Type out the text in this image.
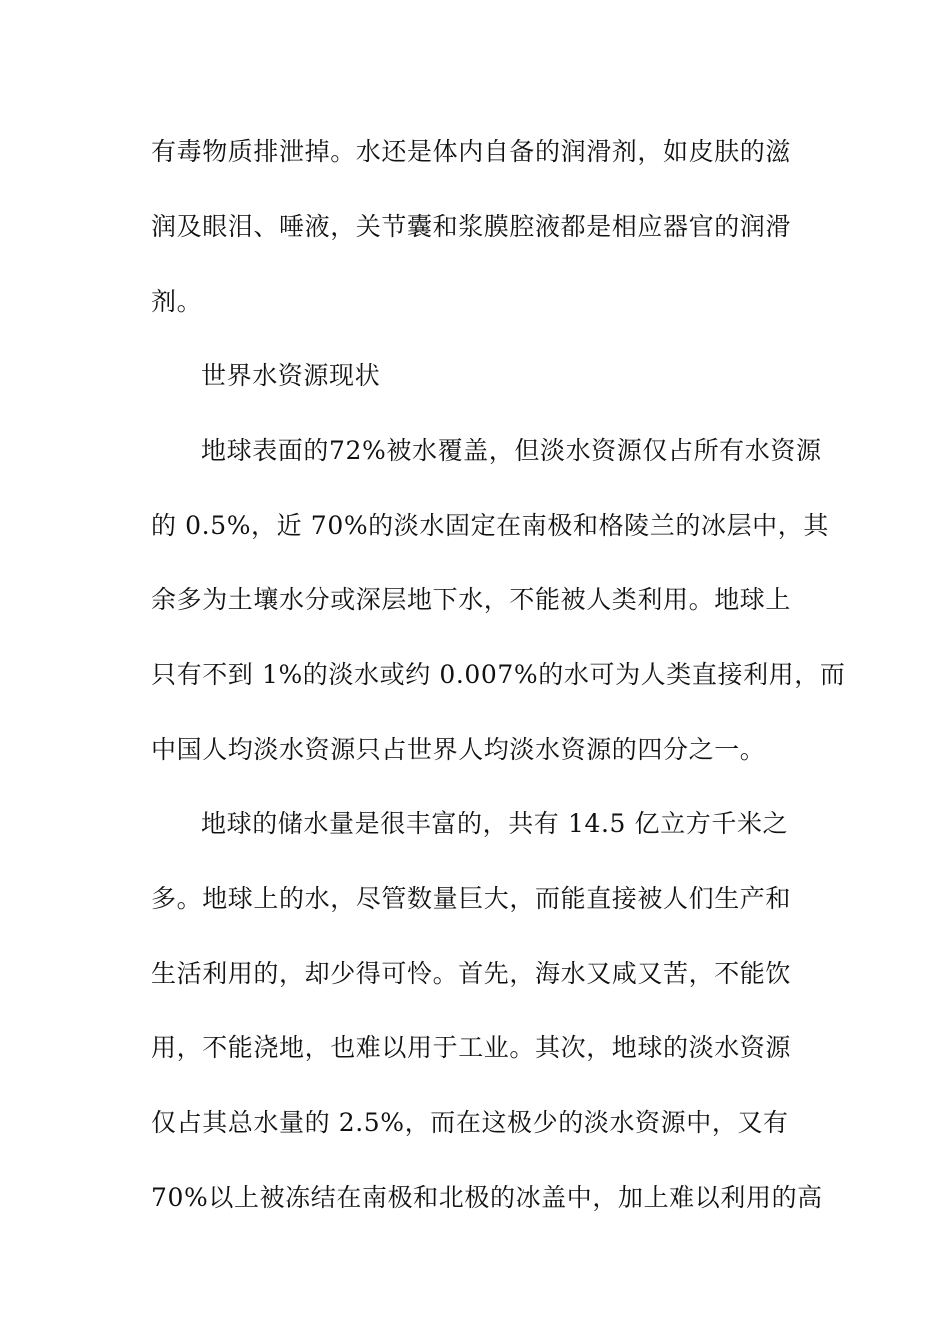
有毒物质排泄掉。水还是体内自备的润滑剂，如皮肤的滋
润及眼泪、唾液，关节囊和浆膜腔液都是相应器官的润滑
剂。
世界水资源现状
地球表面的72%被水覆盖，但淡水资源仅占所有水资源
的 0.5%，近 70%的淡水固定在南极和格陵兰的冰层中，其
余多为土壤水分或深层地下水，不能被人类利用。地球上
只有不到 1%的淡水或约 0.007%的水可为人类直接利用，而
中国人均淡水资源只占世界人均淡水资源的四分之一。
地球的储水量是很丰富的，共有 14.5 亿立方千米之
多。地球上的水，尽管数量巨大，而能直接被人们生产和
生活利用的，却少得可怜。首先，海水又咸又苦，不能饮
用，不能浇地，也难以用于工业。其次，地球的淡水资源
仅占其总水量的 2.5%，而在这极少的淡水资源中，又有
70%以上被冻结在南极和北极的冰盖中，加上难以利用的高
